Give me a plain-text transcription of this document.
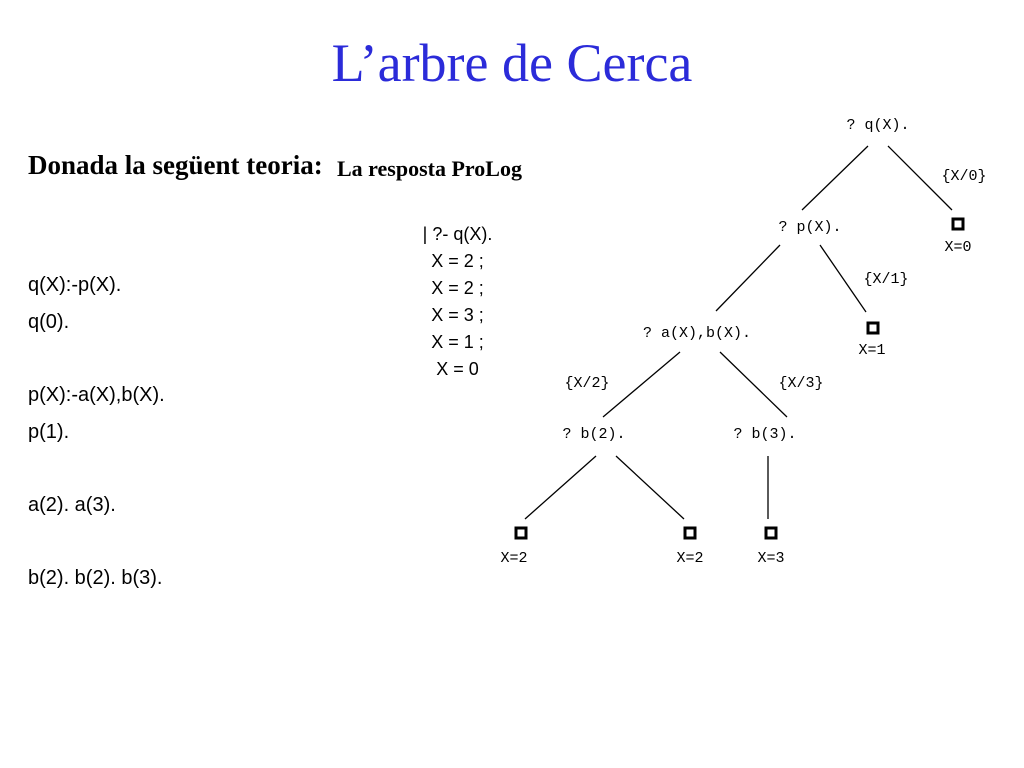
L’arbre de Cerca
Donada la següent teoria:
q(X):-p(X).
q(0).
p(X):-a(X),b(X).
p(1).
a(2). a(3).
b(2). b(2). b(3).
La resposta ProLog
| ?- q(X).
X = 2 ;
X = 2 ;
X = 3 ;
X = 1 ;
X = 0
? q(X).
? p(X).
? a(X),b(X).
? b(2).	? b(3).
{X/0}
{X/1}
{X/2}	{X/3}
X=0
X=1
X=2	X=2	X=3
